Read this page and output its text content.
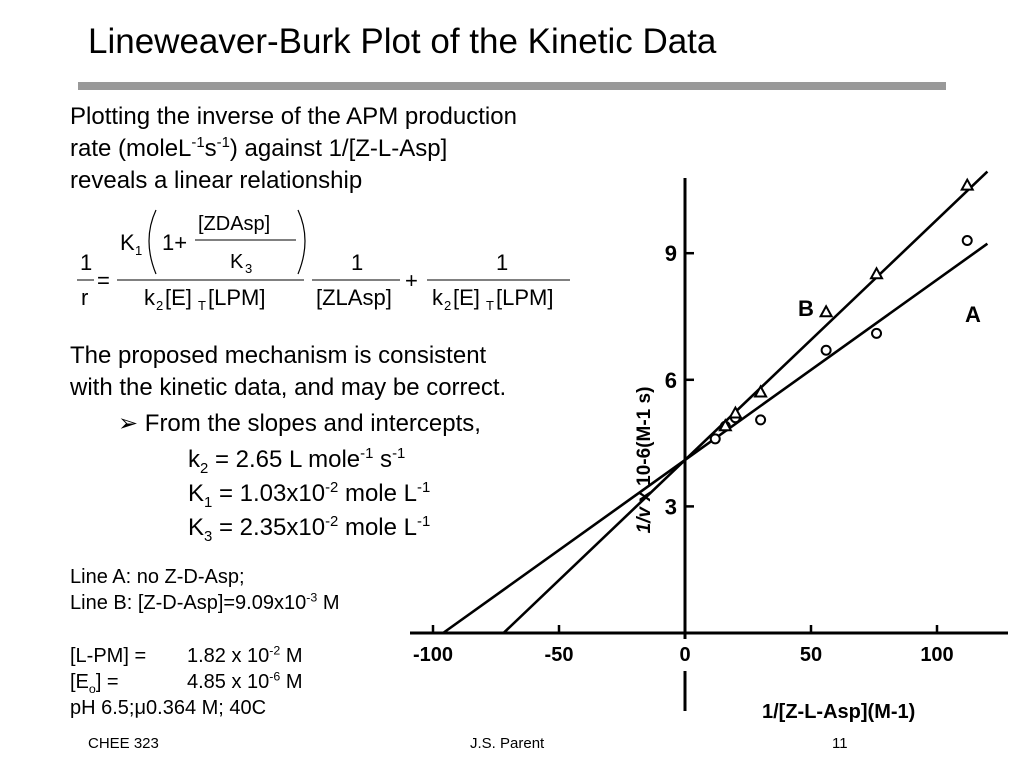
Lineweaver-Burk Plot of the Kinetic Data
Plotting the inverse of the APM production
rate $(moleL^{-1}s^{-1})$ against 1/[Z-L-Asp]
reveals a linear relationship
1
r
=
K 1 1+
[ZDAsp]
K 3
k 2 [E] T [LPM]
1
[ZLAsp]
+
1
k 2 [E] T [LPM]
The proposed mechanism is consistent
with the kinetic data, and may be correct.
➢ From the slopes and intercepts,
$k_2 = 2.65$ L mole$^{-1}$ $s^{-1}$
$K_1 = 1.03x10^{-2}$ mole $L^{-1}$
$K_3 = 2.35x10^{-2}$ mole $L^{-1}$
Line A: no Z-D-Asp;
Line B: $[Z-D-Asp]=9.09x10^{-3}$ M
[L-PM] =	1.82 x $10^{-2}$ M
$[E_o]$ =	4.85 x $10^{-6}$ M
pH 6.5; μ 0.364 M; 40C
-100	-50	0	50	100
3
6
9
B	A
1/[Z-L-Asp](M-1)
1/v x 10-6(M-1 s)
CHEE 323	J.S. Parent	11
